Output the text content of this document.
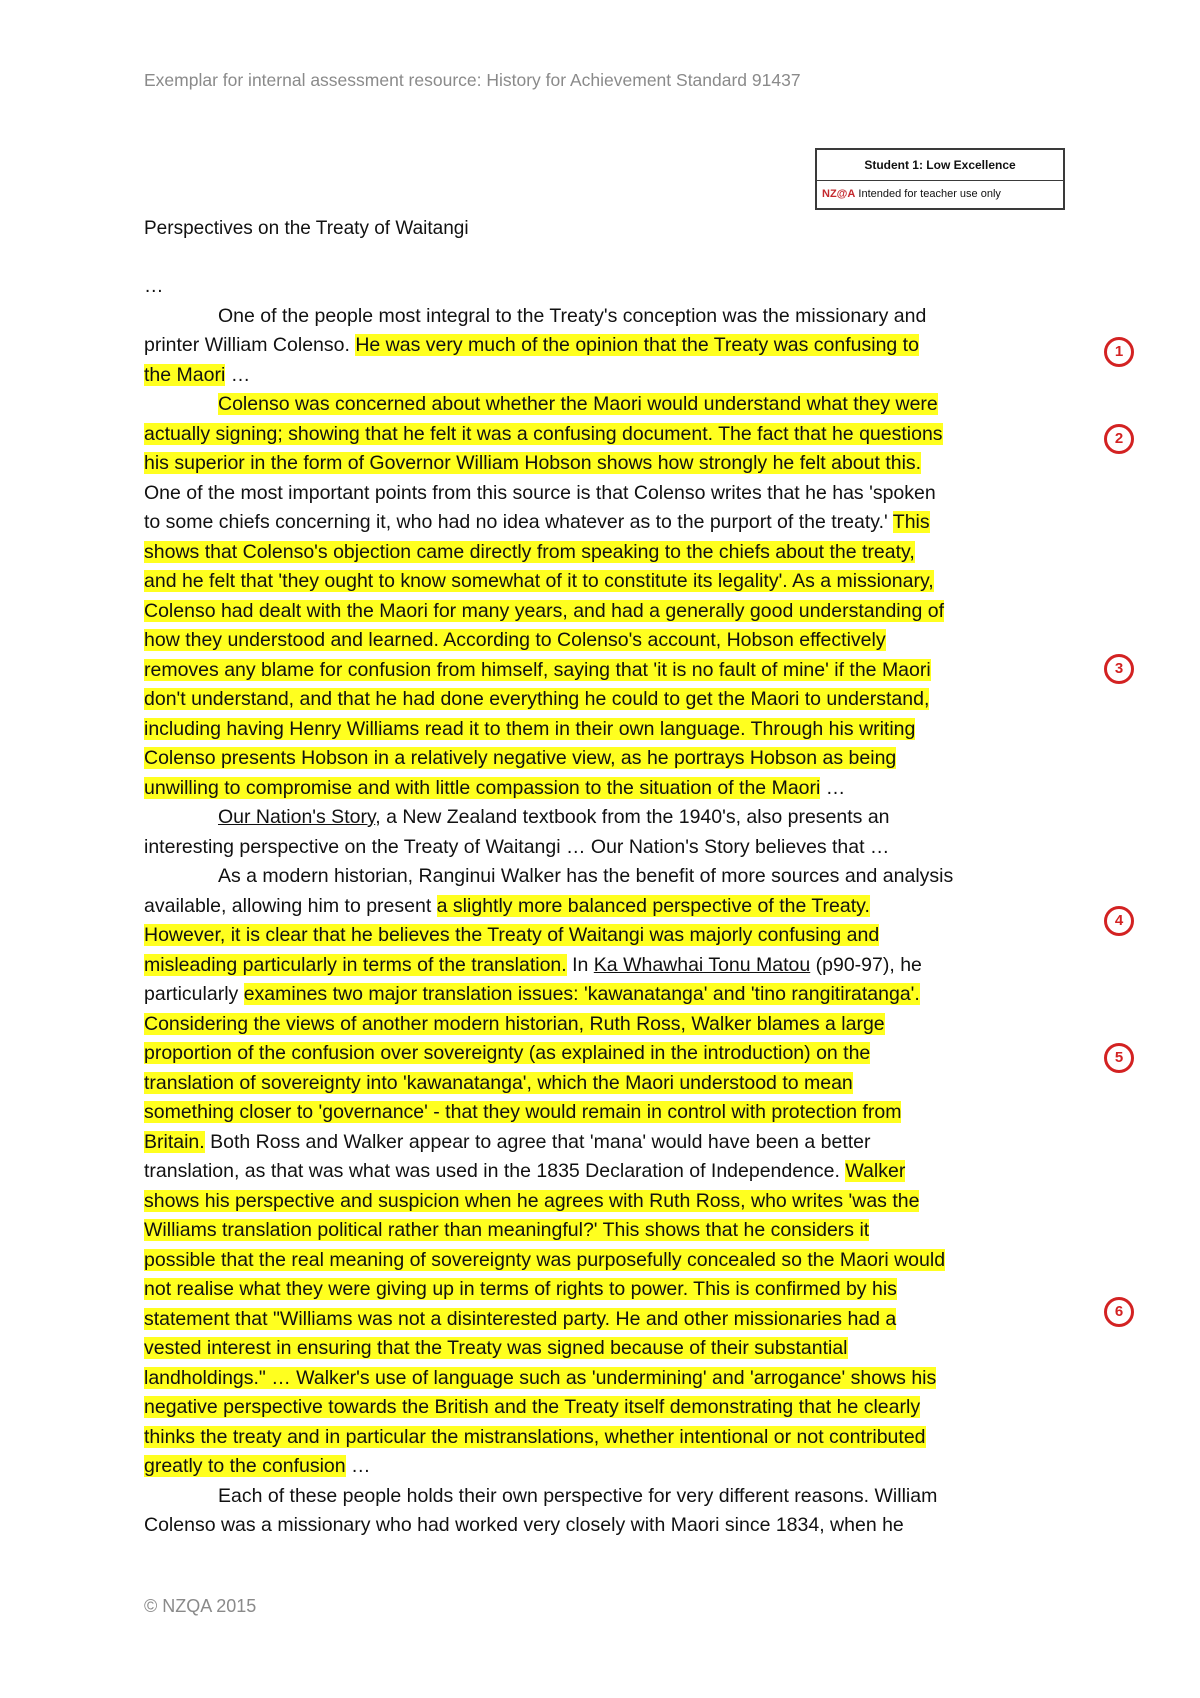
Exemplar for internal assessment resource: History for Achievement Standard 91437
Student 1: Low Excellence
NZ@A Intended for teacher use only
Perspectives on the Treaty of Waitangi
…
One of the people most integral to the Treaty's conception was the missionary and
printer William Colenso. He was very much of the opinion that the Treaty was confusing to
the Maori …
Colenso was concerned about whether the Maori would understand what they were
actually signing; showing that he felt it was a confusing document. The fact that he questions
his superior in the form of Governor William Hobson shows how strongly he felt about this.
One of the most important points from this source is that Colenso writes that he has 'spoken
to some chiefs concerning it, who had no idea whatever as to the purport of the treaty.' This
shows that Colenso's objection came directly from speaking to the chiefs about the treaty,
and he felt that 'they ought to know somewhat of it to constitute its legality'. As a missionary,
Colenso had dealt with the Maori for many years, and had a generally good understanding of
how they understood and learned. According to Colenso's account, Hobson effectively
removes any blame for confusion from himself, saying that 'it is no fault of mine' if the Maori
don't understand, and that he had done everything he could to get the Maori to understand,
including having Henry Williams read it to them in their own language. Through his writing
Colenso presents Hobson in a relatively negative view, as he portrays Hobson as being
unwilling to compromise and with little compassion to the situation of the Maori …
Our Nation's Story, a New Zealand textbook from the 1940's, also presents an
interesting perspective on the Treaty of Waitangi … Our Nation's Story believes that …
As a modern historian, Ranginui Walker has the benefit of more sources and analysis
available, allowing him to present a slightly more balanced perspective of the Treaty.
However, it is clear that he believes the Treaty of Waitangi was majorly confusing and
misleading particularly in terms of the translation. In Ka Whawhai Tonu Matou (p90-97), he
particularly examines two major translation issues: 'kawanatanga' and 'tino rangitiratanga'.
Considering the views of another modern historian, Ruth Ross, Walker blames a large
proportion of the confusion over sovereignty (as explained in the introduction) on the
translation of sovereignty into 'kawanatanga', which the Maori understood to mean
something closer to 'governance' - that they would remain in control with protection from
Britain. Both Ross and Walker appear to agree that 'mana' would have been a better
translation, as that was what was used in the 1835 Declaration of Independence. Walker
shows his perspective and suspicion when he agrees with Ruth Ross, who writes 'was the
Williams translation political rather than meaningful?' This shows that he considers it
possible that the real meaning of sovereignty was purposefully concealed so the Maori would
not realise what they were giving up in terms of rights to power. This is confirmed by his
statement that "Williams was not a disinterested party. He and other missionaries had a
vested interest in ensuring that the Treaty was signed because of their substantial
landholdings." … Walker's use of language such as 'undermining' and 'arrogance' shows his
negative perspective towards the British and the Treaty itself demonstrating that he clearly
thinks the treaty and in particular the mistranslations, whether intentional or not contributed
greatly to the confusion …
Each of these people holds their own perspective for very different reasons. William
Colenso was a missionary who had worked very closely with Maori since 1834, when he
1
2
3
4
5
6
© NZQA 2015
